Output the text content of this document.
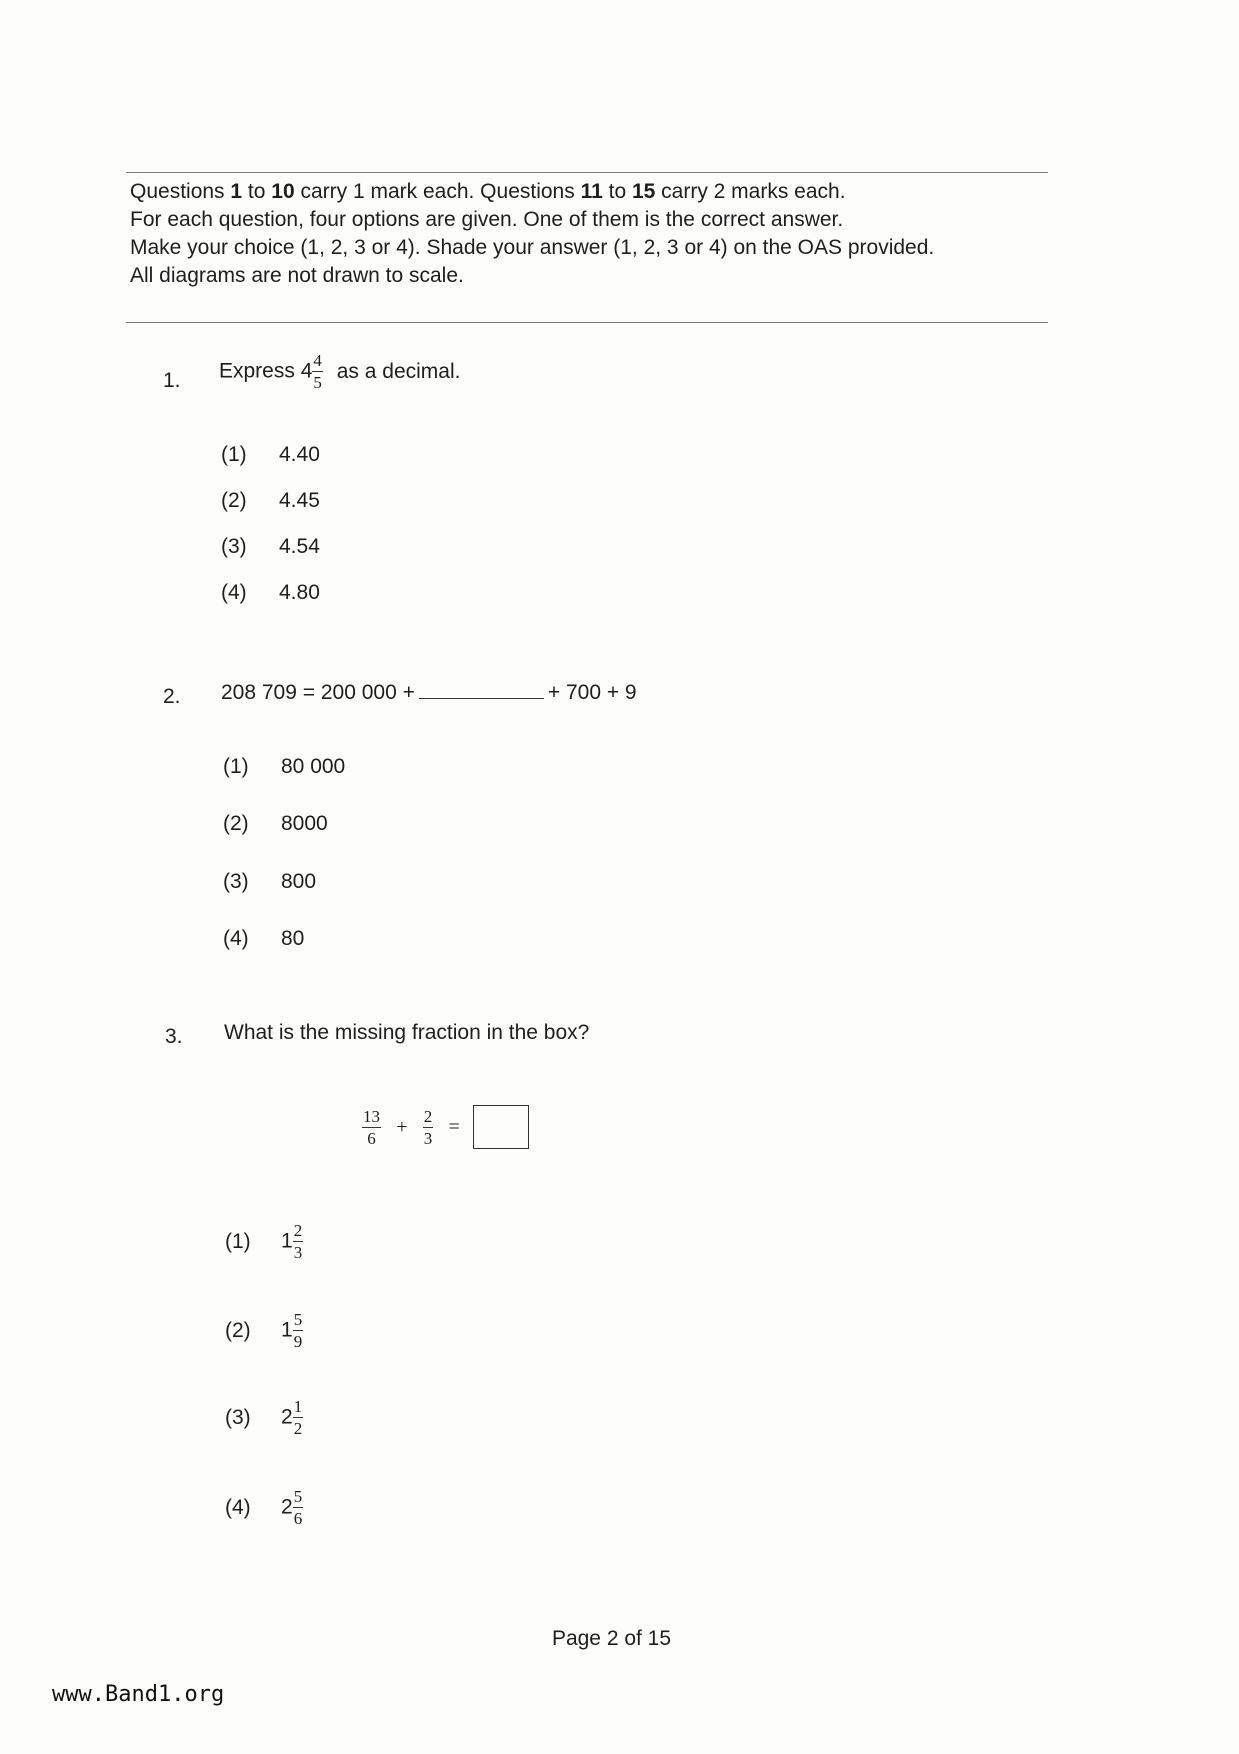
Questions 1 to 10 carry 1 mark each. Questions 11 to 15 carry 2 marks each.
For each question, four options are given. One of them is the correct answer.
Make your choice (1, 2, 3 or 4). Shade your answer (1, 2, 3 or 4) on the OAS provided.
All diagrams are not drawn to scale.
1. Express $4 \frac{4}{5}$ as a decimal.
(1) 4.40
(2) 4.45
(3) 4.54
(4) 4.80
2. 208 709 = 200 000 +	+ 700 + 9
(1) 80 000
(2) 8000
(3) 800
(4) 80
3. What is the missing fraction in the box?
$\frac{13}{6} + \frac{2}{3}$ =
(1) $1 \frac{2}{3}$
(2) $1 \frac{5}{9}$
(3) $2 \frac{1}{2}$
(4) $2 \frac{5}{6}$
Page 2 of 15
www.Band1.org
